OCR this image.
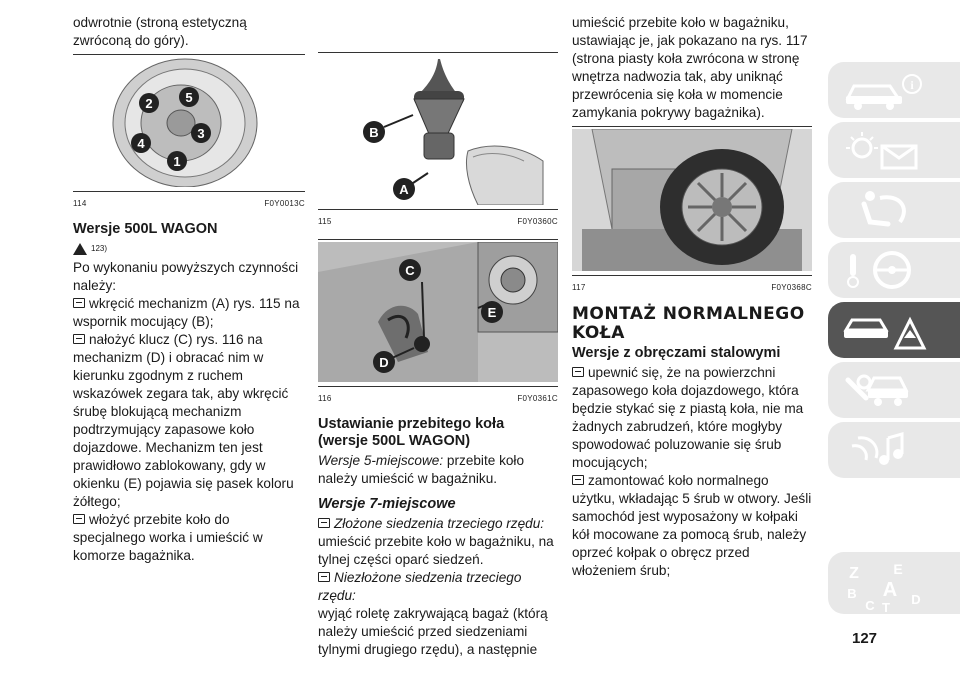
odwrotnie (stroną estetyczną zwróconą do góry).

2	5
4
3
1
114	F0Y0013C
Wersje 500L WAGON
123)

Po wykonaniu powyższych czynności należy:

wkręcić mechanizm (A) rys. 115 na wspornik mocujący (B);

nałożyć klucz (C) rys. 116 na mechanizm (D) i obracać nim w kierunku zgodnym z ruchem wskazówek zegara tak, aby wkręcić śrubę blokującą mechanizm podtrzymujący zapasowe koło dojazdowe. Mechanizm ten jest prawidłowo zablokowany, gdy w okienku (E) pojawia się pasek koloru żółtego;

włożyć przebite koło do specjalnego worka i umieścić w komorze bagażnika.

B
A
115	F0Y0360C
C
E
D
116	F0Y0361C
Ustawianie przebitego koła (wersje 500L WAGON)

Wersje 5-miejscowe: przebite koło należy umieścić w bagażniku.

Wersje 7-miejscowe

Złożone siedzenia trzeciego rzędu:

umieścić przebite koło w bagażniku, na tylnej części oparć siedzeń.

Niezłożone siedzenia trzeciego rzędu:

wyjąć roletę zakrywającą bagaż (którą należy umieścić przed siedzeniami tylnymi drugiego rzędu), a następnie

umieścić przebite koło w bagażniku, ustawiając je, jak pokazano na rys. 117 (strona piasty koła zwrócona w stronę wnętrza nadwozia tak, aby uniknąć przewrócenia się koła w momencie zamykania pokrywy bagażnika).

117	F0Y0368C
MONTAŻ NORMALNEGO KOŁA
Wersje z obręczami stalowymi

upewnić się, że na powierzchni zapasowego koła dojazdowego, która będzie stykać się z piastą koła, nie ma żadnych zabrudzeń, które mogłyby spowodować poluzowanie się śrub mocujących;

zamontować koło normalnego użytku, wkładając 5 śrub w otwory. Jeśli samochód jest wyposażony w kołpaki kół mocowane za pomocą śrub, należy oprzeć kołpak o obręcz przed włożeniem śrub;

i
Z E
B A
C T
D
127
